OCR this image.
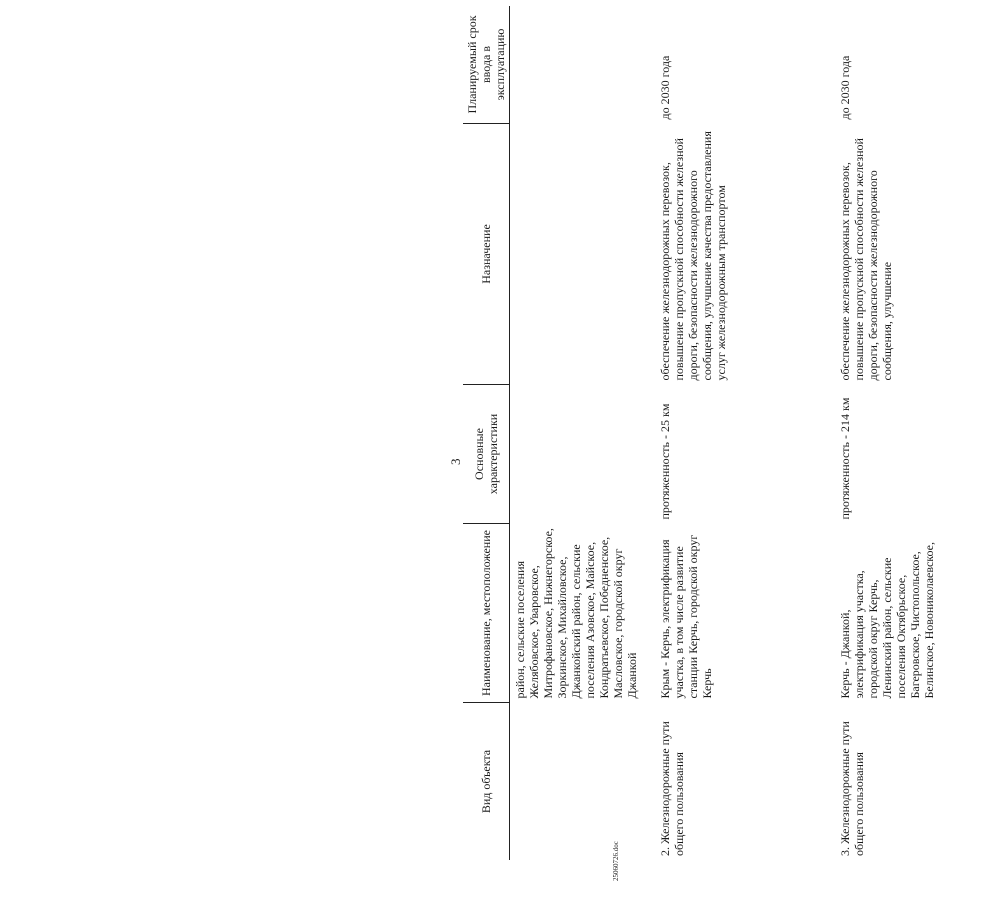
3
Вид объекта	Наименование, местоположение	Основные характеристики	Назначение	Планируемый срок ввода в эксплуатацию
	район, сельские поселения Желябовское, Уваровское, Митрофановское, Нижнегорское, Зоркинское, Михайловское, Джанкойский район, сельские поселения Азовское, Майское, Кондратьевское, Победненское, Масловское, городской округ Джанкой			
2. Железнодорожные пути общего пользования	Крым - Керчь, электрификация участка, в том числе развитие станции Керчь, городской округ Керчь	протяженность - 25 км	обеспечение железнодорожных перевозок, повышение пропускной способности железной дороги, безопасности железнодорожного сообщения, улучшение качества предоставления услуг железнодорожным транспортом	до 2030 года
3. Железнодорожные пути общего пользования	Керчь - Джанкой, электрификация участка, городской округ Керчь, Ленинский район, сельские поселения Октябрьское, Багеровское, Чистопольское, Белинское, Новониколаевское,	протяженность - 214 км	обеспечение железнодорожных перевозок, повышение пропускной способности железной дороги, безопасности железнодорожного сообщения, улучшение	до 2030 года
25060726.doc
